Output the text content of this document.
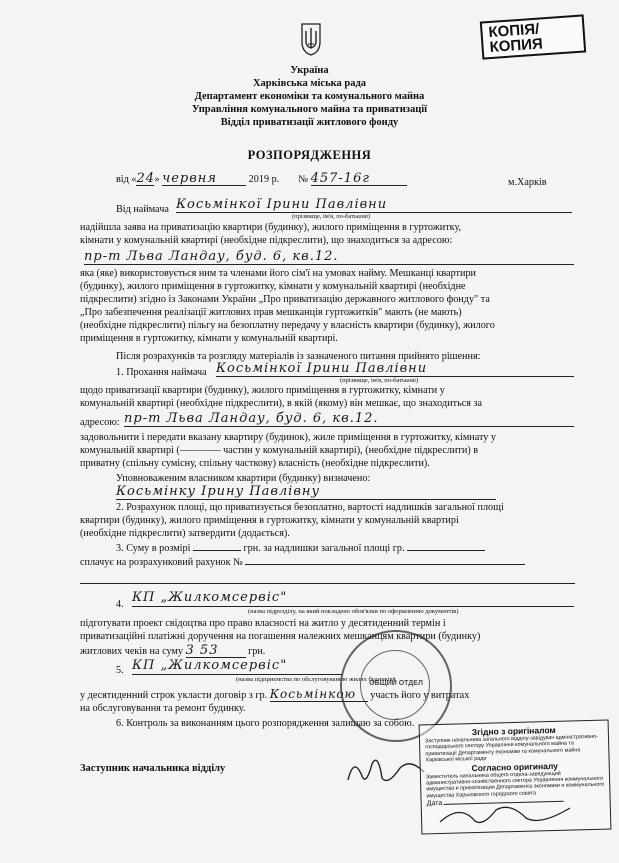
КОПІЯ/
КОПИЯ
Україна
Харківська міська рада
Департамент економіки та комунального майна
Управління комунального майна та приватизації
Відділ приватизації житлового фонду
РОЗПОРЯДЖЕННЯ
від «24» червня	2019 р. № 457-16г	м.Харків
Від наймача Косьмінкої Ірини Павлівни
(прізвище, ім'я, по-батькові)
надійшла заява на приватизацію квартири (будинку), жилого приміщення в гуртожитку,
кімнати у комунальній квартирі (необхідне підкреслити), що знаходиться за адресою:
пр-т Льва Ландау, буд. 6, кв.12.
яка (яке) використовується ним та членами його сім'ї на умовах найму. Мешканці квартири
(будинку), жилого приміщення в гуртожитку, кімнати у комунальній квартирі (необхідне
підкреслити) згідно із Законами України „Про приватизацію державного житлового фонду" та
„Про забезпечення реалізації житлових прав мешканців гуртожитків" мають (не мають)
(необхідне підкреслити) пільгу на безоплатну передачу у власність квартири (будинку), жилого
приміщення в гуртожитку, кімнати у комунальній квартирі.
Після розрахунків та розгляду матеріалів із зазначеного питання прийнято рішення:
1. Прохання наймача Косьмінкої Ірини Павлівни
(прізвище, ім'я, по-батькові)
щодо приватизації квартири (будинку), жилого приміщення в гуртожитку, кімнати у
комунальній квартирі (необхідне підкреслити), в якій (якому) він мешкає, що знаходиться за
адресою: пр-т Льва Ландау, буд. 6, кв.12.
задовольнити і передати вказану квартиру (будинок), жиле приміщення в гуртожитку, кімнату у
комунальній квартирі (———— частин у комунальній квартирі), (необхідне підкреслити) в
приватну (спільну сумісну, спільну часткову) власність (необхідне підкреслити).
Уповноваженим власником квартири (будинку) визначено:
Косьмінку Ірину Павлівну
2. Розрахунок площі, що приватизується безоплатно, вартості надлишків загальної площі
квартири (будинку), жилого приміщення в гуртожитку, кімнати у комунальній квартирі
(необхідне підкреслити) затвердити (додається).
3. Суму в розмірі	грн. за надлишки загальної площі гр.
сплачує на розрахунковий рахунок №
4. КП „Жилкомсервіс"
(назва підрозділу, на який покладено обов'язки по оформленню документів)
підготувати проект свідоцтва про право власності на житло у десятиденний термін і
приватизаційні платіжні доручення на погашення належних мешканцям квартири (будинку)
житлових чеків на суму 3 53	грн.
5. КП „Жилкомсервіс"
(назва підприємства по обслуговуванню жилих будинків)
у десятиденний строк укласти договір з гр. Косьмінкою участь його у витратах
на обслуговування та ремонт будинку.
6. Контроль за виконанням цього розпорядження залишаю за собою.
Заступник начальника відділу
ОБЩИЙ ОТДЕЛ
Згідно з оригіналом
Заступник начальника загального відділу-завідувач адміністративно-господарського сектору Управління комунального майна та приватизації Департаменту економіки та комунального майна Харківської міської ради
Согласно оригиналу
Заместитель начальника общего отдела-заведующий административно-хозяйственного сектора Управления коммунального имущества и приватизации Департамента экономики и коммунального имущества Харьковского городского совета
Дата
